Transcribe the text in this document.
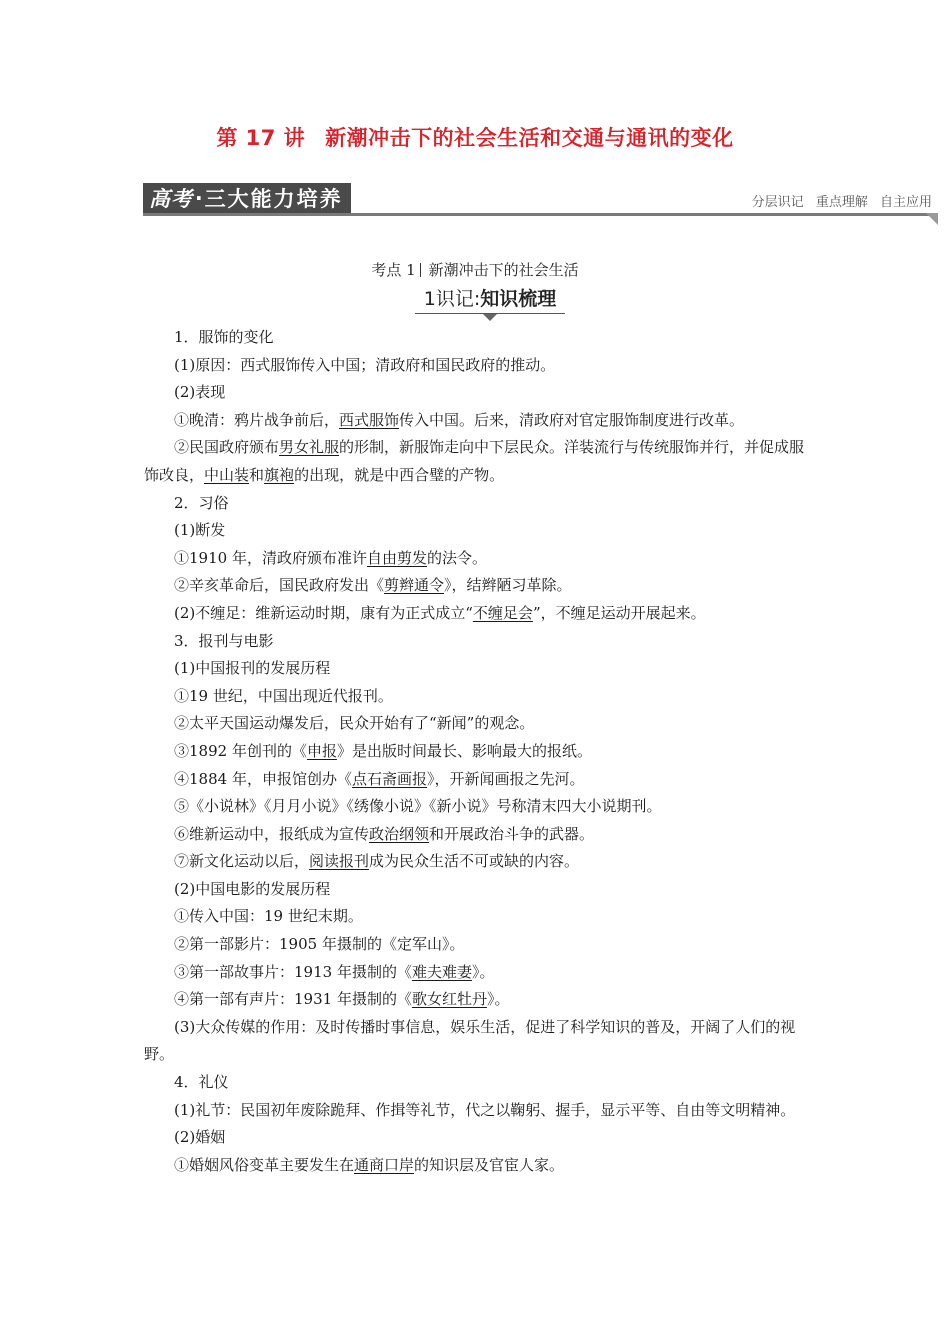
第 17 讲 新潮冲击下的社会生活和交通与通讯的变化
高考 · 三大能力培养	分层识记 重点理解 自主应用
考点 1 新潮冲击下的社会生活
1识记:知识梳理

1．服饰的变化

(1)原因：西式服饰传入中国；清政府和国民政府的推动。

(2)表现

①晚清：鸦片战争前后，西式服饰传入中国。后来，清政府对官定服饰制度进行改革。

②民国政府颁布男女礼服的形制，新服饰走向中下层民众。洋装流行与传统服饰并行，并促成服饰改良，中山装和旗袍的出现，就是中西合璧的产物。

2．习俗

(1)断发

①1910 年，清政府颁布准许自由剪发的法令。

②辛亥革命后，国民政府发出《剪辫通令》，结辫陋习革除。

(2)不缠足：维新运动时期，康有为正式成立“不缠足会”，不缠足运动开展起来。

3．报刊与电影

(1)中国报刊的发展历程

①19 世纪，中国出现近代报刊。

②太平天国运动爆发后，民众开始有了“新闻”的观念。

③1892 年创刊的《申报》是出版时间最长、影响最大的报纸。

④1884 年，申报馆创办《点石斋画报》，开新闻画报之先河。

⑤《小说林》《月月小说》《绣像小说》《新小说》号称清末四大小说期刊。

⑥维新运动中，报纸成为宣传政治纲领和开展政治斗争的武器。

⑦新文化运动以后，阅读报刊成为民众生活不可或缺的内容。

(2)中国电影的发展历程

①传入中国：19 世纪末期。

②第一部影片：1905 年摄制的《定军山》。

③第一部故事片：1913 年摄制的《难夫难妻》。

④第一部有声片：1931 年摄制的《歌女红牡丹》。

(3)大众传媒的作用：及时传播时事信息，娱乐生活，促进了科学知识的普及，开阔了人们的视野。

4．礼仪

(1)礼节：民国初年废除跪拜、作揖等礼节，代之以鞠躬、握手，显示平等、自由等文明精神。

(2)婚姻

①婚姻风俗变革主要发生在通商口岸的知识层及官宦人家。
